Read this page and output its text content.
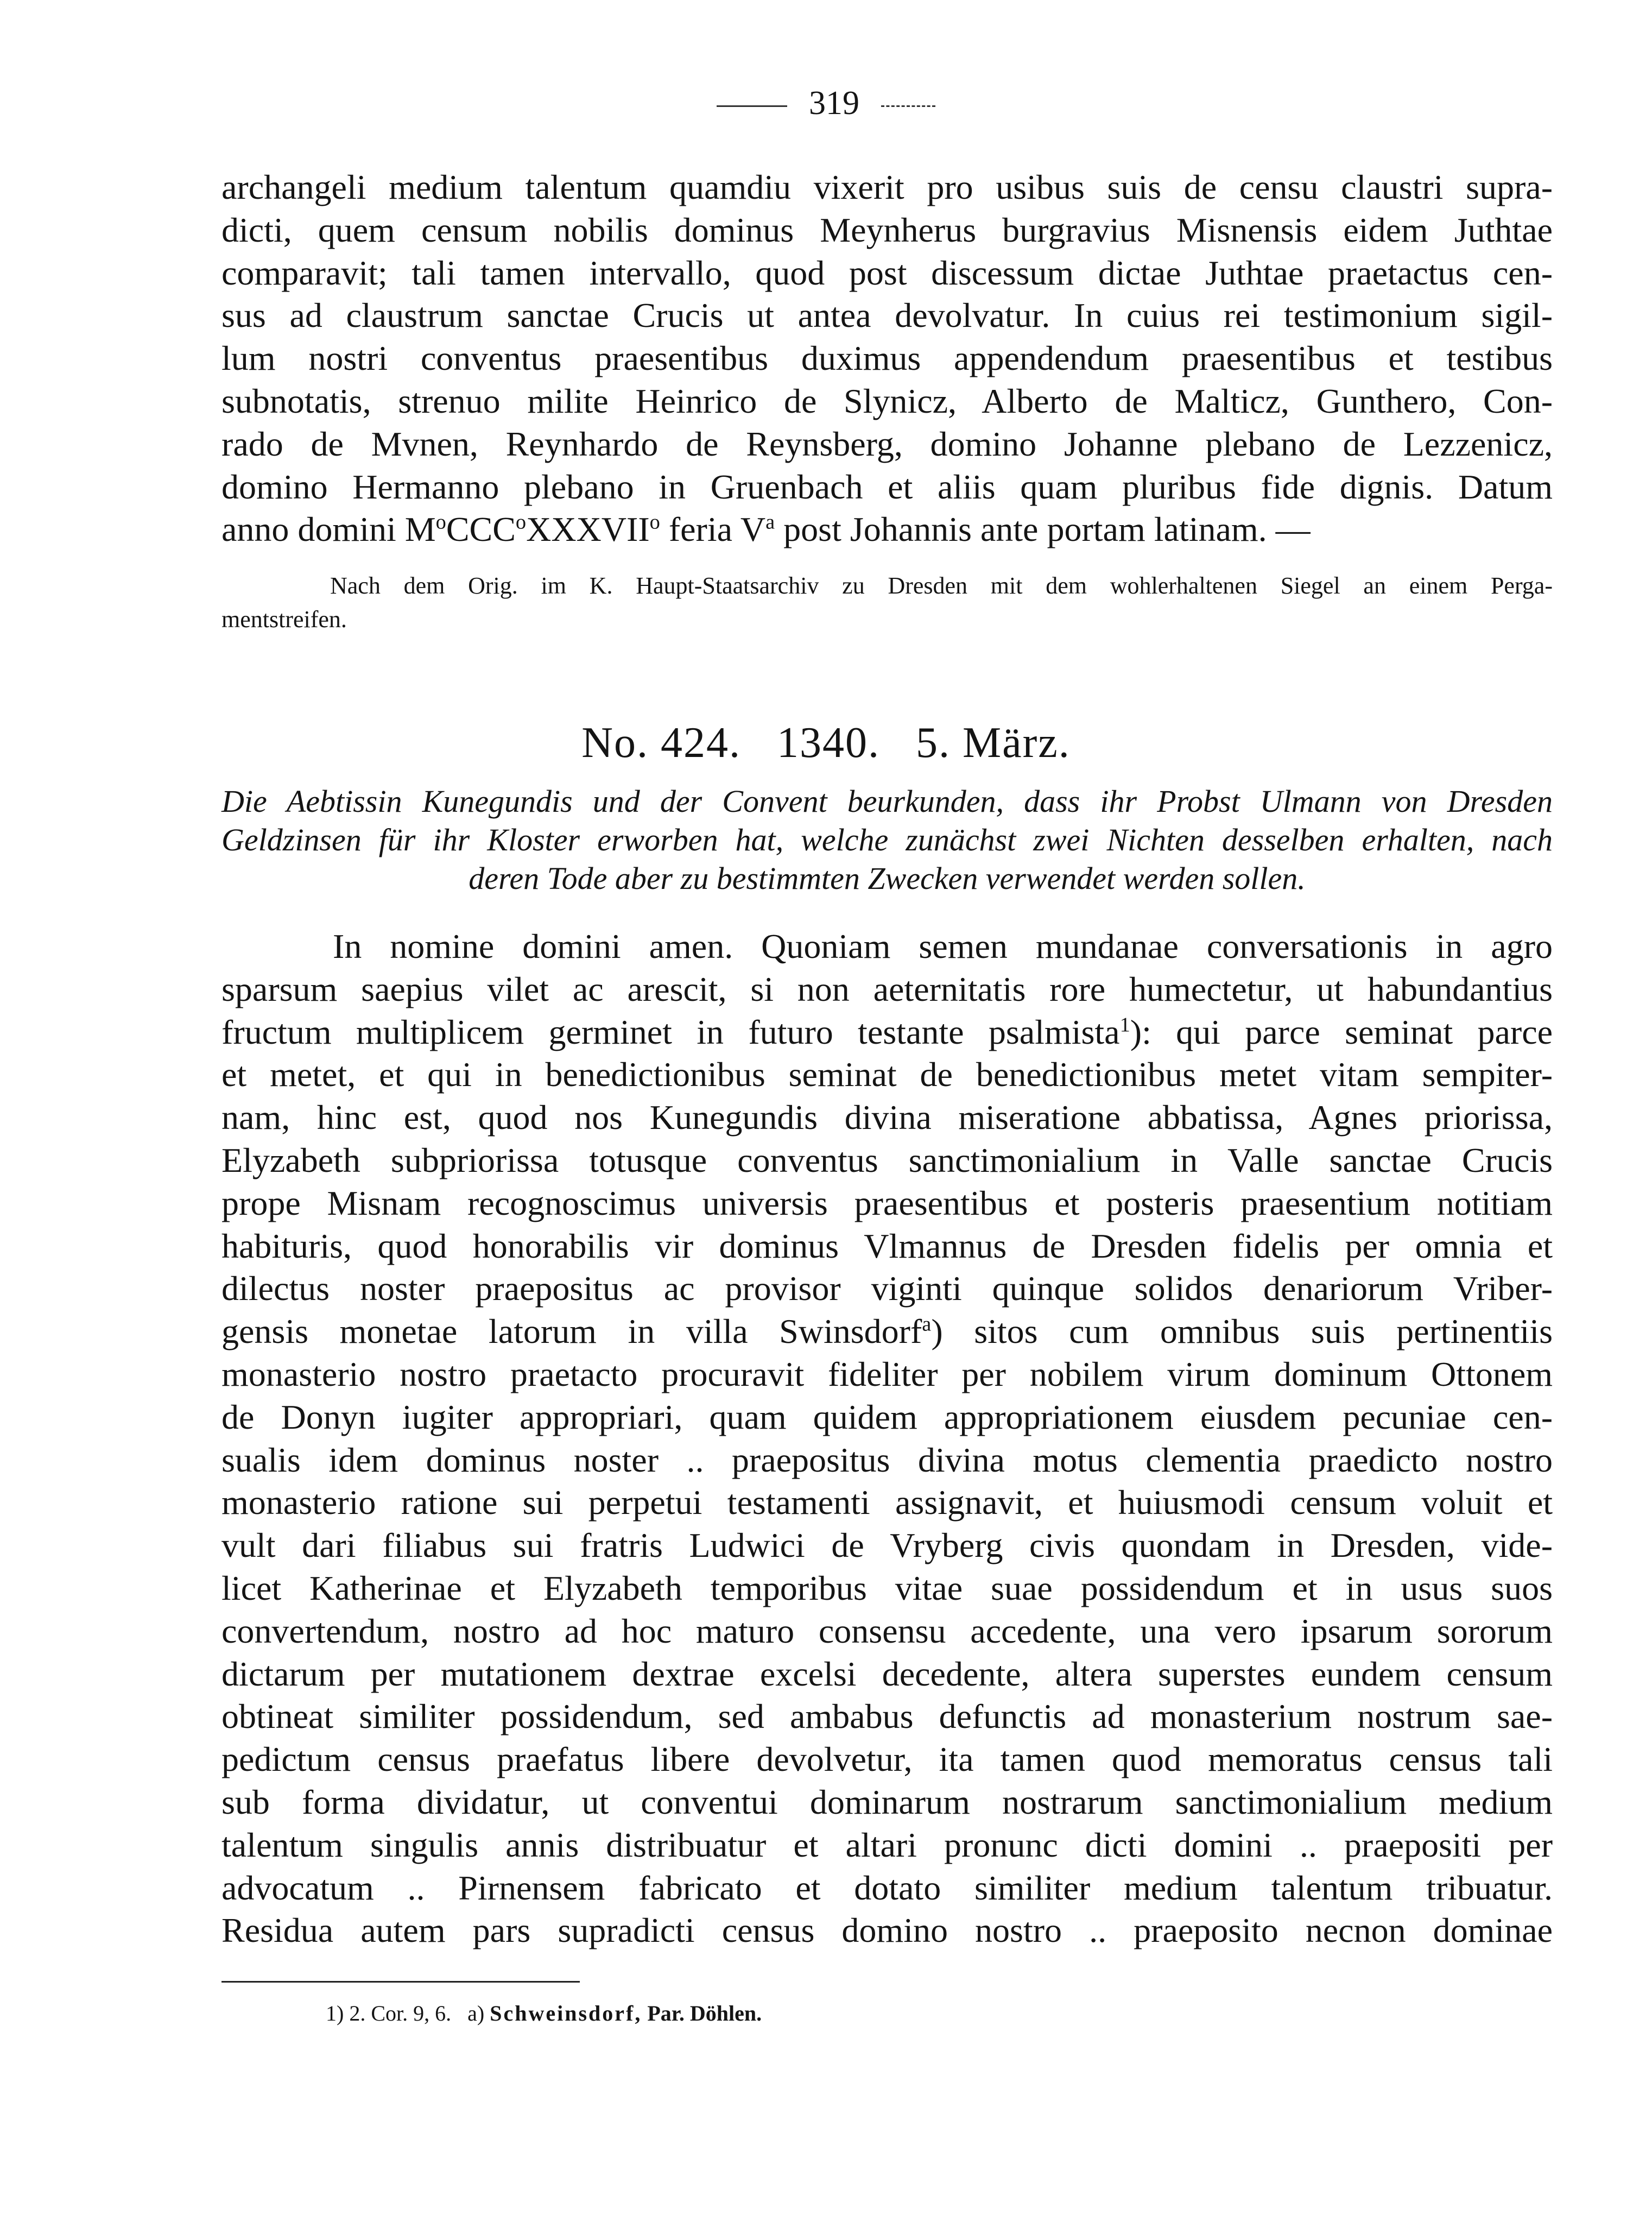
319
archangeli medium talentum quamdiu vixerit pro usibus suis de censu claustri supra-
dicti, quem censum nobilis dominus Meynherus burgravius Misnensis eidem Juthtae
comparavit; tali tamen intervallo, quod post discessum dictae Juthtae praetactus cen-
sus ad claustrum sanctae Crucis ut antea devolvatur. In cuius rei testimonium sigil-
lum nostri conventus praesentibus duximus appendendum praesentibus et testibus
subnotatis, strenuo milite Heinrico de Slynicz, Alberto de Malticz, Gunthero, Con-
rado de Mvnen, Reynhardo de Reynsberg, domino Johanne plebano de Lezzenicz,
domino Hermanno plebano in Gruenbach et aliis quam pluribus fide dignis. Datum
anno domini $M^oCCC^oXXXVII^o$ feria $V^a$ post Johannis ante portam latinam. —
Nach dem Orig. im K. Haupt-Staatsarchiv zu Dresden mit dem wohlerhaltenen Siegel an einem Perga-
mentstreifen.
No. 424.   1340.   5. März.
Die Aebtissin Kunegundis und der Convent beurkunden, dass ihr Probst Ulmann von Dresden
Geldzinsen für ihr Kloster erworben hat, welche zunächst zwei Nichten desselben erhalten, nach
deren Tode aber zu bestimmten Zwecken verwendet werden sollen.
In nomine domini amen. Quoniam semen mundanae conversationis in agro
sparsum saepius vilet ac arescit, si non aeternitatis rore humectetur, ut habundantius
fructum multiplicem germinet in futuro testante psalmista$^1$): qui parce seminat parce
et metet, et qui in benedictionibus seminat de benedictionibus metet vitam sempiter-
nam, hinc est, quod nos Kunegundis divina miseratione abbatissa, Agnes priorissa,
Elyzabeth subpriorissa totusque conventus sanctimonialium in Valle sanctae Crucis
prope Misnam recognoscimus universis praesentibus et posteris praesentium notitiam
habituris, quod honorabilis vir dominus Vlmannus de Dresden fidelis per omnia et
dilectus noster praepositus ac provisor viginti quinque solidos denariorum Vriber-
gensis monetae latorum in villa Swinsdorf$^a$) sitos cum omnibus suis pertinentiis
monasterio nostro praetacto procuravit fideliter per nobilem virum dominum Ottonem
de Donyn iugiter appropriari, quam quidem appropriationem eiusdem pecuniae cen-
sualis idem dominus noster .. praepositus divina motus clementia praedicto nostro
monasterio ratione sui perpetui testamenti assignavit, et huiusmodi censum voluit et
vult dari filiabus sui fratris Ludwici de Vryberg civis quondam in Dresden, vide-
licet Katherinae et Elyzabeth temporibus vitae suae possidendum et in usus suos
convertendum, nostro ad hoc maturo consensu accedente, una vero ipsarum sororum
dictarum per mutationem dextrae excelsi decedente, altera superstes eundem censum
obtineat similiter possidendum, sed ambabus defunctis ad monasterium nostrum sae-
pedictum census praefatus libere devolvetur, ita tamen quod memoratus census tali
sub forma dividatur, ut conventui dominarum nostrarum sanctimonialium medium
talentum singulis annis distribuatur et altari pronunc dicti domini .. praepositi per
advocatum .. Pirnensem fabricato et dotato similiter medium talentum tribuatur.
Residua autem pars supradicti census domino nostro .. praeposito necnon dominae
1) 2. Cor. 9, 6. a) Schweinsdorf, Par. Döhlen.
